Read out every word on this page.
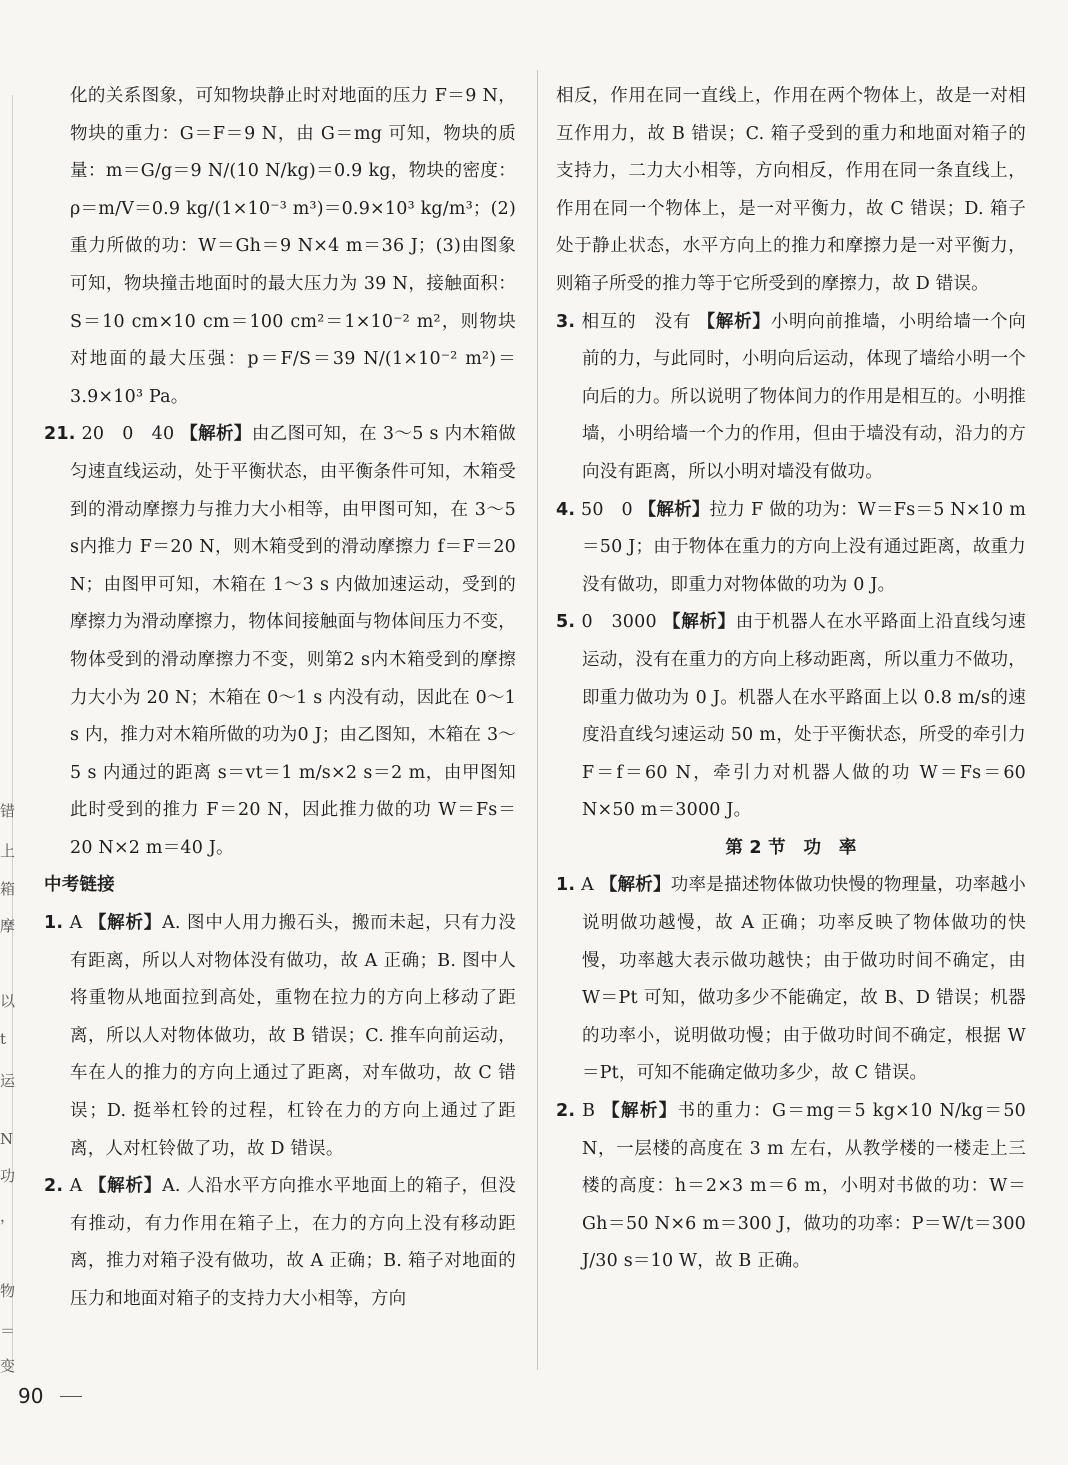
错
上
箱
摩
以
t
运
N
功
，
物
＝
变

化的关系图象，可知物块静止时对地面的压力 F＝9 N，物块的重力：G＝F＝9 N，由 G＝mg 可知，物块的质量：m＝G/g＝9 N/(10 N/kg)＝0.9 kg，物块的密度：ρ＝m/V＝0.9 kg/(1×10⁻³ m³)＝0.9×10³ kg/m³；(2)重力所做的功：W＝Gh＝9 N×4 m＝36 J；(3)由图象可知，物块撞击地面时的最大压力为 39 N，接触面积：S＝10 cm×10 cm＝100 cm²＝1×10⁻² m²，则物块对地面的最大压强：p＝F/S＝39 N/(1×10⁻² m²)＝3.9×10³ Pa。

21. 20　0　40 【解析】由乙图可知，在 3～5 s 内木箱做匀速直线运动，处于平衡状态，由平衡条件可知，木箱受到的滑动摩擦力与推力大小相等，由甲图可知，在 3～5 s内推力 F＝20 N，则木箱受到的滑动摩擦力 f＝F＝20 N；由图甲可知，木箱在 1～3 s 内做加速运动，受到的摩擦力为滑动摩擦力，物体间接触面与物体间压力不变，物体受到的滑动摩擦力不变，则第2 s内木箱受到的摩擦力大小为 20 N；木箱在 0～1 s 内没有动，因此在 0～1 s 内，推力对木箱所做的功为0 J；由乙图知，木箱在 3～5 s 内通过的距离 s＝vt＝1 m/s×2 s＝2 m，由甲图知此时受到的推力 F＝20 N，因此推力做的功 W＝Fs＝20 N×2 m＝40 J。

中考链接

1. A 【解析】A. 图中人用力搬石头，搬而未起，只有力没有距离，所以人对物体没有做功，故 A 正确；B. 图中人将重物从地面拉到高处，重物在拉力的方向上移动了距离，所以人对物体做功，故 B 错误；C. 推车向前运动，车在人的推力的方向上通过了距离，对车做功，故 C 错误；D. 挺举杠铃的过程，杠铃在力的方向上通过了距离，人对杠铃做了功，故 D 错误。

2. A 【解析】A. 人沿水平方向推水平地面上的箱子，但没有推动，有力作用在箱子上，在力的方向上没有移动距离，推力对箱子没有做功，故 A 正确；B. 箱子对地面的压力和地面对箱子的支持力大小相等，方向

相反，作用在同一直线上，作用在两个物体上，故是一对相互作用力，故 B 错误；C. 箱子受到的重力和地面对箱子的支持力，二力大小相等，方向相反，作用在同一条直线上，作用在同一个物体上，是一对平衡力，故 C 错误；D. 箱子处于静止状态，水平方向上的推力和摩擦力是一对平衡力，则箱子所受的推力等于它所受到的摩擦力，故 D 错误。

3. 相互的　没有 【解析】小明向前推墙，小明给墙一个向前的力，与此同时，小明向后运动，体现了墙给小明一个向后的力。所以说明了物体间力的作用是相互的。小明推墙，小明给墙一个力的作用，但由于墙没有动，沿力的方向没有距离，所以小明对墙没有做功。

4. 50　0 【解析】拉力 F 做的功为：W＝Fs＝5 N×10 m＝50 J；由于物体在重力的方向上没有通过距离，故重力没有做功，即重力对物体做的功为 0 J。

5. 0　3000 【解析】由于机器人在水平路面上沿直线匀速运动，没有在重力的方向上移动距离，所以重力不做功，即重力做功为 0 J。机器人在水平路面上以 0.8 m/s的速度沿直线匀速运动 50 m，处于平衡状态，所受的牵引力 F＝f＝60 N，牵引力对机器人做的功 W＝Fs＝60 N×50 m＝3000 J。

第 2 节　功　率

1. A 【解析】功率是描述物体做功快慢的物理量，功率越小说明做功越慢，故 A 正确；功率反映了物体做功的快慢，功率越大表示做功越快；由于做功时间不确定，由 W＝Pt 可知，做功多少不能确定，故 B、D 错误；机器的功率小，说明做功慢；由于做功时间不确定，根据 W＝Pt，可知不能确定做功多少，故 C 错误。

2. B 【解析】书的重力：G＝mg＝5 kg×10 N/kg＝50 N，一层楼的高度在 3 m 左右，从教学楼的一楼走上三楼的高度：h＝2×3 m＝6 m，小明对书做的功：W＝Gh＝50 N×6 m＝300 J，做功的功率：P＝W/t＝300 J/30 s＝10 W，故 B 正确。

90
